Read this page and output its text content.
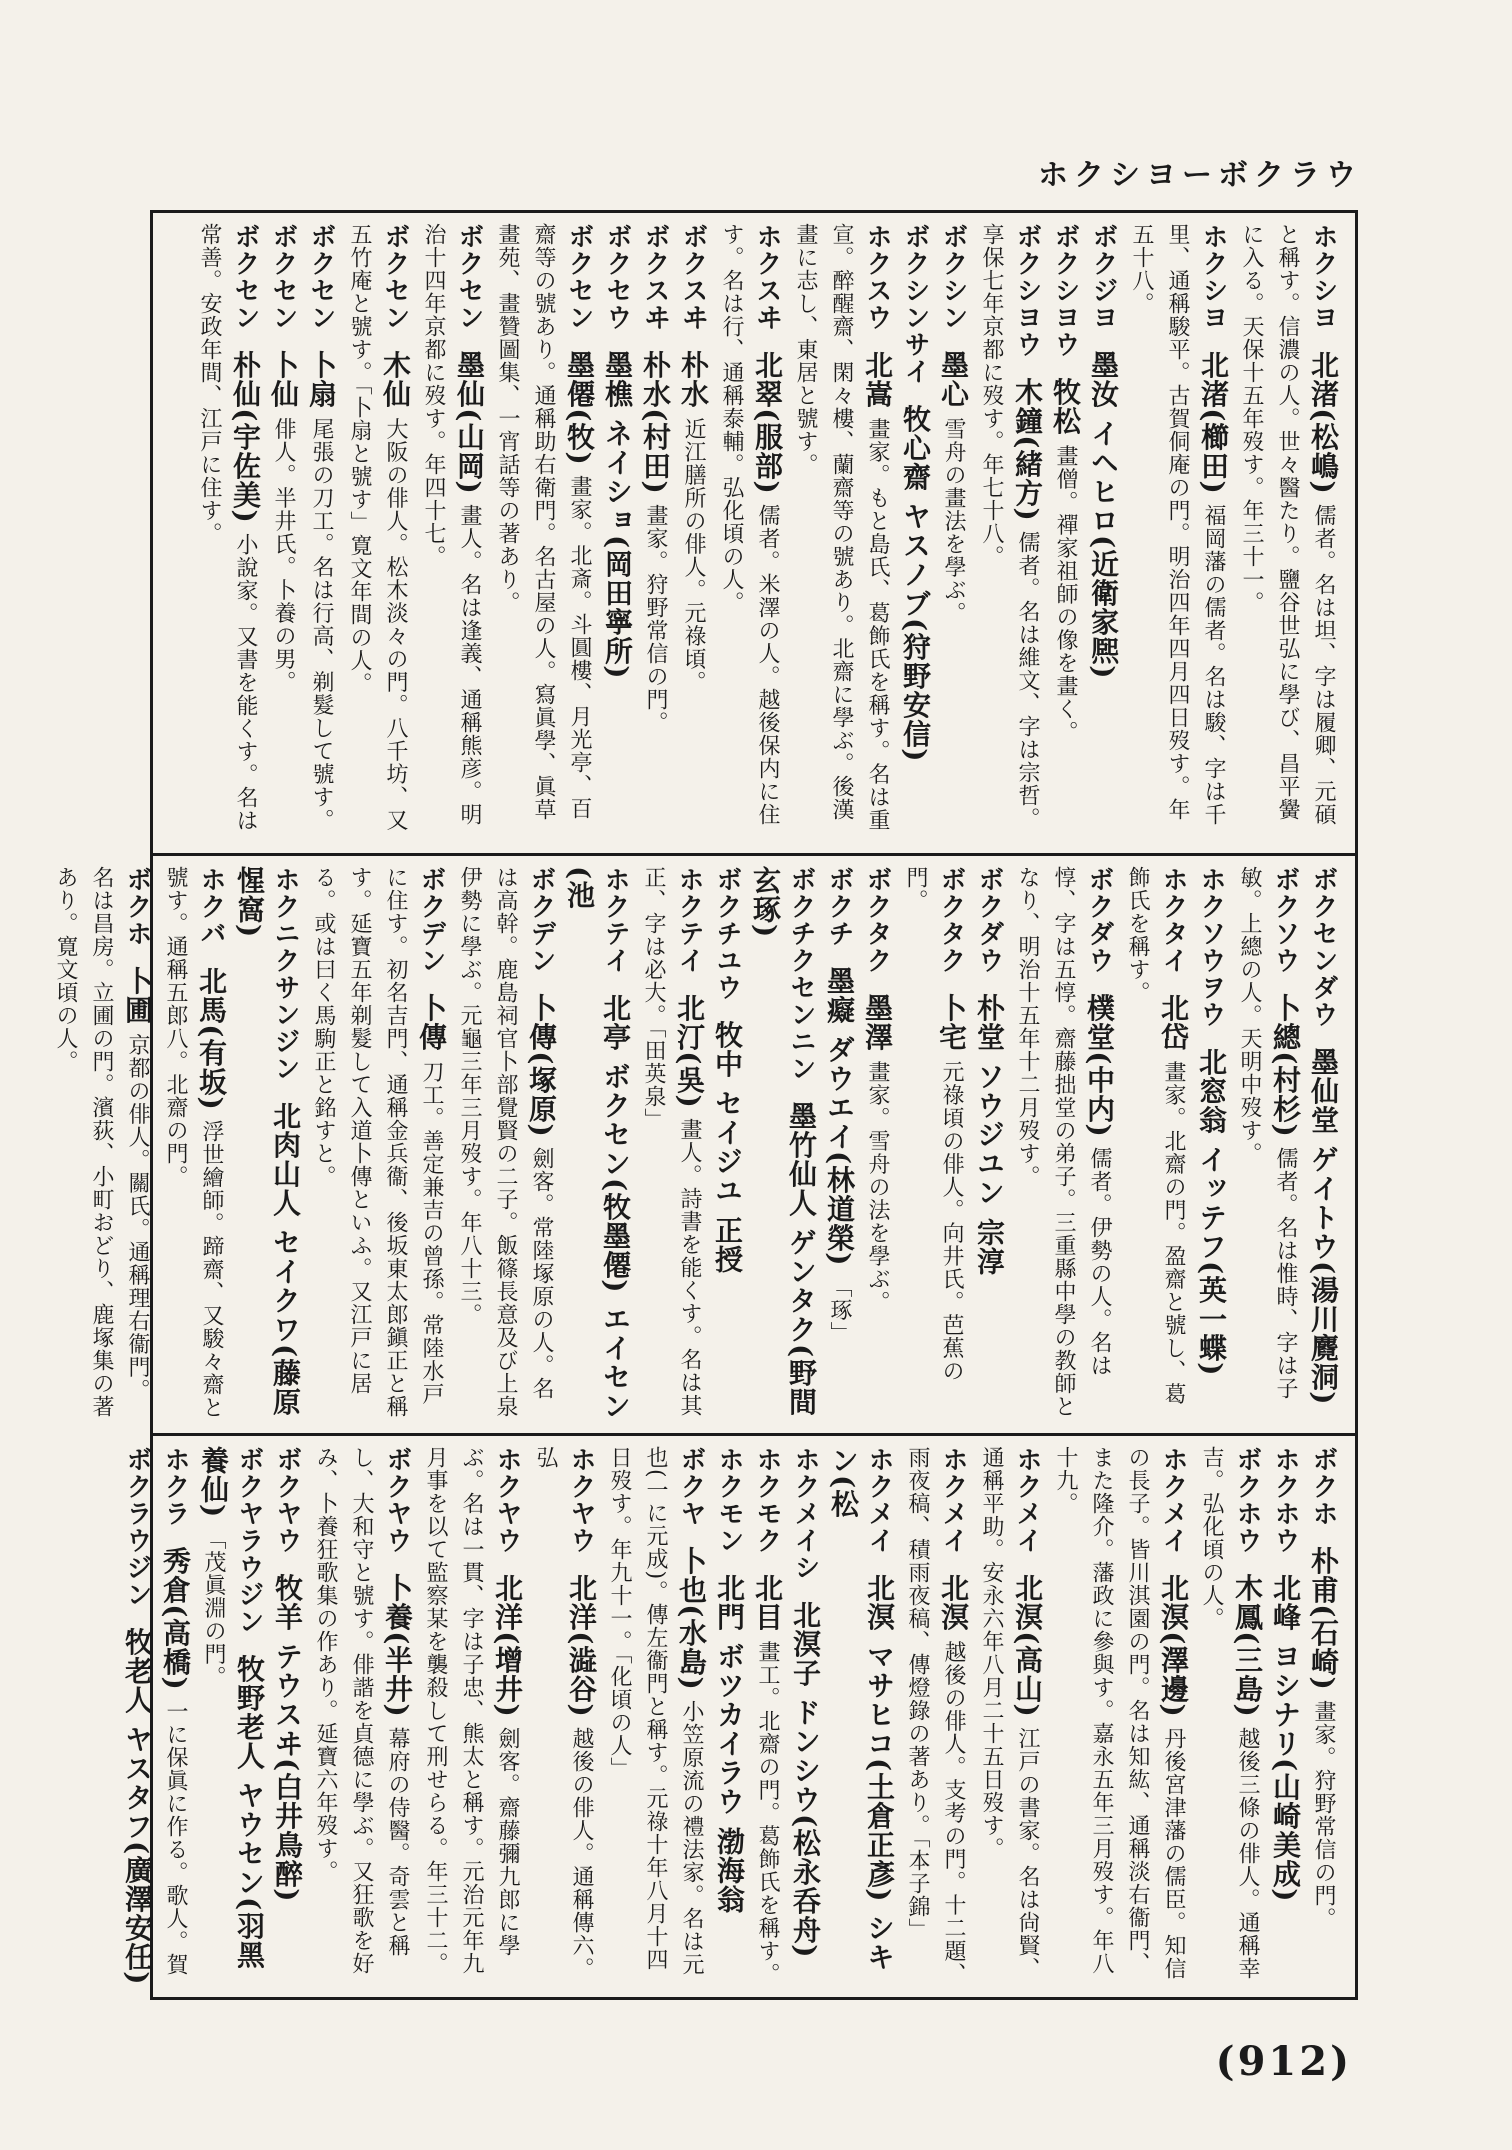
ホクシヨーボクラウ
ホクシヨ 北渚(松嶋) 儒者。名は坦、字は履卿、元碩と稱す。信濃の人。世々醫たり。鹽谷世弘に學び、昌平黌に入る。天保十五年歿す。年三十一。
ホクシヨ 北渚(櫛田) 福岡藩の儒者。名は駿、字は千里、通稱駿平。古賀侗庵の門。明治四年四月四日歿す。年五十八。
ボクジヨ 墨汝 イヘヒロ(近衛家熈)
ボクシヨウ 牧松 畫僧。禪家祖師の像を畫く。
ボクシヨウ 木鐘(緒方) 儒者。名は維文、字は宗哲。享保七年京都に歿す。年七十八。
ボクシン 墨心 雪舟の畫法を學ぶ。
ボクシンサイ 牧心齋 ヤスノブ(狩野安信)
ホクスウ 北嵩 畫家。もと島氏、葛飾氏を稱す。名は重宣。醉醒齋、閑々樓、蘭齋等の號あり。北齋に學ぶ。後漢畫に志し、東居と號す。
ホクスヰ 北翠(服部) 儒者。米澤の人。越後保内に住す。名は行、通稱泰輔。弘化頃の人。
ボクスヰ 朴水 近江膳所の俳人。元祿頃。
ボクスヰ 朴水(村田) 畫家。狩野常信の門。
ボクセウ 墨樵 ネイショ(岡田寧所)
ボクセン 墨僊(牧) 畫家。北斎。斗圓樓、月光亭、百齋等の號あり。通稱助右衛門。名古屋の人。寫眞學、眞草畫苑、畫贊圖集、一宵話等の著あり。
ボクセン 墨仙(山岡) 畫人。名は逢義、通稱熊彦。明治十四年京都に歿す。年四十七。
ボクセン 木仙 大阪の俳人。松木淡々の門。八千坊、又五竹庵と號す。「卜扇と號す」寛文年間の人。
ボクセン 卜扇 尾張の刀工。名は行高、剃髮して號す。
ボクセン 卜仙 俳人。半井氏。卜養の男。
ボクセン 朴仙(宇佐美) 小說家。又書を能くす。名は常善。安政年間、江戸に住す。
ボクセンダウ 墨仙堂 ゲイトウ(湯川麑洞)
ボクソウ 卜總(村杉) 儒者。名は惟時、字は子敏。上總の人。天明中歿す。
ホクソウヲウ 北窓翁 イッテフ(英一蝶)
ホクタイ 北岱 畫家。北齋の門。盈齋と號し、葛飾氏を稱す。
ボクダウ 樸堂(中内) 儒者。伊勢の人。名は惇、字は五惇。齋藤拙堂の弟子。三重縣中學の教師となり、明治十五年十二月歿す。
ボクダウ 朴堂 ソウジユン 宗淳
ボクタク 卜宅 元祿頃の俳人。向井氏。芭蕉の門。
ボクタク 墨澤 畫家。雪舟の法を學ぶ。
ボクチ 墨癡 ダウエイ(林道榮) 「琢」
ボクチクセンニン 墨竹仙人 ゲンタク(野間玄琢)
ボクチユウ 牧中 セイジユ 正授
ホクテイ 北汀(吳) 畫人。詩書を能くす。名は其正、字は必大。「田英泉」
ホクテイ 北亭 ボクセン(牧墨僊) エイセン(池
ボクデン 卜傳(塚原) 劍客。常陸塚原の人。名は高幹。鹿島祠官卜部覺賢の二子。飯篠長意及び上泉伊勢に學ぶ。元龜三年三月歿す。年八十三。
ボクデン 卜傳 刀工。善定兼吉の曾孫。常陸水戸に住す。初名吉門、通稱金兵衞、後坂東太郎鎭正と稱す。延寶五年剃髮して入道卜傳といふ。又江戸に居る。或は曰く馬駒正と銘すと。
ホクニクサンジン 北肉山人 セイクワ(藤原惺窩)
ホクバ 北馬(有坂) 浮世繪師。蹄齋、又駿々齋と號す。通稱五郎八。北齋の門。
ボクホ 卜圃 京都の俳人。關氏。通稱理右衞門。名は昌房。立圃の門。濱荻、小町おどり、鹿塚集の著あり。寛文頃の人。
ボクホ 朴甫(石崎) 畫家。狩野常信の門。
ホクホウ 北峰 ヨシナリ(山崎美成)
ボクホウ 木鳳(三島) 越後三條の俳人。通稱幸吉。弘化頃の人。
ホクメイ 北溟(澤邊) 丹後宮津藩の儒臣。知信の長子。皆川淇園の門。名は知紘、通稱淡右衞門、また隆介。藩政に參與す。嘉永五年三月歿す。年八十九。
ホクメイ 北溟(高山) 江戸の書家。名は尙賢、通稱平助。安永六年八月二十五日歿す。
ホクメイ 北溟 越後の俳人。支考の門。十二題、雨夜稿、積雨夜稿、傳燈錄の著あり。「本子錦」
ホクメイ 北溟 マサヒコ(土倉正彥) シキン(松
ホクメイシ 北溟子 ドンシウ(松永呑舟)
ホクモク 北目 畫工。北齋の門。葛飾氏を稱す。
ホクモン 北門 ボツカイラウ 渤海翁
ボクヤ 卜也(水島) 小笠原流の禮法家。名は元也(一に元成)。傳左衞門と稱す。元祿十年八月十四日歿す。年九十一。「化頃の人」
ホクヤウ 北洋(澁谷) 越後の俳人。通稱傳六。弘
ホクヤウ 北洋(增井) 劍客。齋藤彌九郎に學ぶ。名は一貫、字は子忠、熊太と稱す。元治元年九月事を以て監察某を襲殺して刑せらる。年三十二。
ボクヤウ 卜養(半井) 幕府の侍醫。奇雲と稱し、大和守と號す。俳諧を貞德に學ぶ。又狂歌を好み、卜養狂歌集の作あり。延寶六年歿す。
ボクヤウ 牧羊 テウスヰ(白井鳥醉)
ボクヤラウジン 牧野老人 ヤウセン(羽黑養仙) 「茂眞淵の門。
ホクラ 秀倉(高橋) 一に保眞に作る。歌人。賀
ボクラウジン 牧老人 ヤスタフ(廣澤安任)
(912)
